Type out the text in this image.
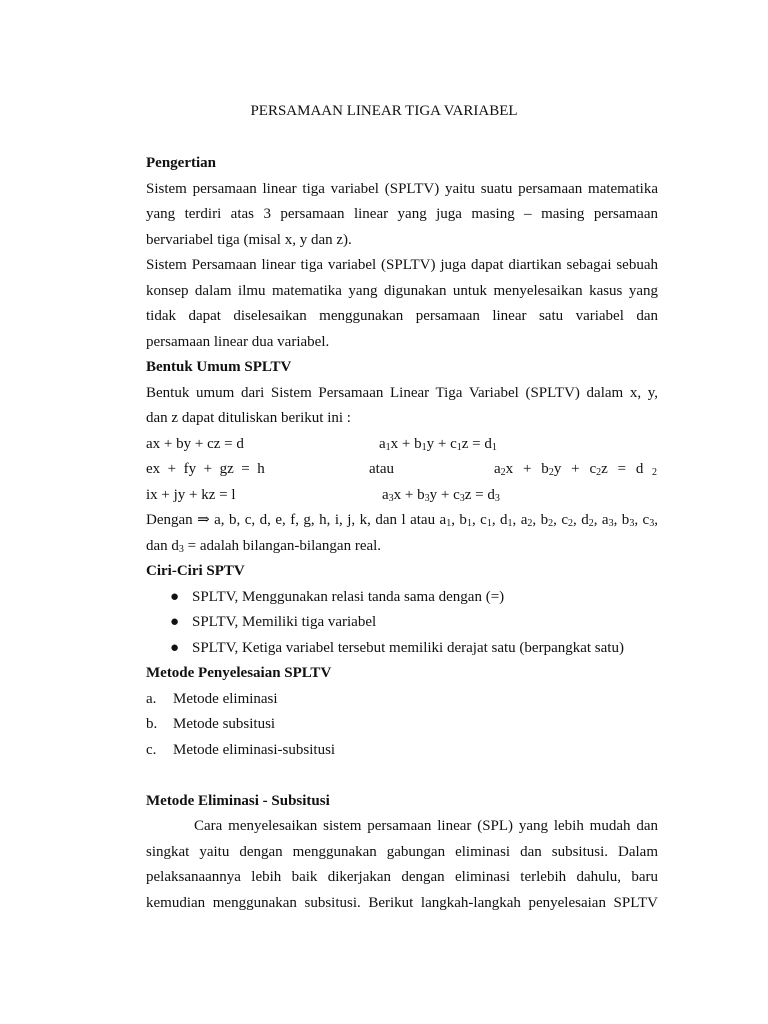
PERSAMAAN LINEAR TIGA VARIABEL
Pengertian
Sistem persamaan linear tiga variabel (SPLTV) yaitu suatu persamaan matematika
yang terdiri atas 3 persamaan linear yang juga masing – masing persamaan
bervariabel tiga (misal x, y dan z).
Sistem Persamaan linear tiga variabel (SPLTV) juga dapat diartikan sebagai sebuah
konsep dalam ilmu matematika yang digunakan untuk menyelesaikan kasus yang
tidak dapat diselesaikan menggunakan persamaan linear satu variabel dan
persamaan linear dua variabel.
Bentuk Umum SPLTV
Bentuk umum dari Sistem Persamaan Linear Tiga Variabel (SPLTV) dalam x, y,
dan z dapat dituliskan berikut ini :
ax + by + cz = d	$a_1x + b_1y + c_1z = d_1$
ex  +  fy  +  gz  =  h	atau	$a_2x + b_2y + c_2z = d$ $_2$
ix + jy + kz = l	$a_3x + b_3y + c_3z = d_3$
Dengan ⇒ a, b, c, d, e, f, g, h, i, j, k, dan l atau $a_1$, $b_1$, $c_1$, $d_1$, $a_2$, $b_2$, $c_2$, $d_2$, $a_3$, $b_3$, $c_3$,
dan $d_3$ = adalah bilangan-bilangan real.
Ciri-Ciri SPTV
● SPLTV, Menggunakan relasi tanda sama dengan (=)
● SPLTV, Memiliki tiga variabel
● SPLTV, Ketiga variabel tersebut memiliki derajat satu (berpangkat satu)
Metode Penyelesaian SPLTV
a. Metode eliminasi
b. Metode subsitusi
c. Metode eliminasi-subsitusi
Metode Eliminasi - Subsitusi
Cara menyelesaikan sistem persamaan linear (SPL) yang lebih mudah dan
singkat yaitu dengan menggunakan gabungan eliminasi dan subsitusi. Dalam
pelaksanaannya lebih baik dikerjakan dengan eliminasi terlebih dahulu, baru
kemudian menggunakan subsitusi. Berikut langkah-langkah penyelesaian SPLTV
